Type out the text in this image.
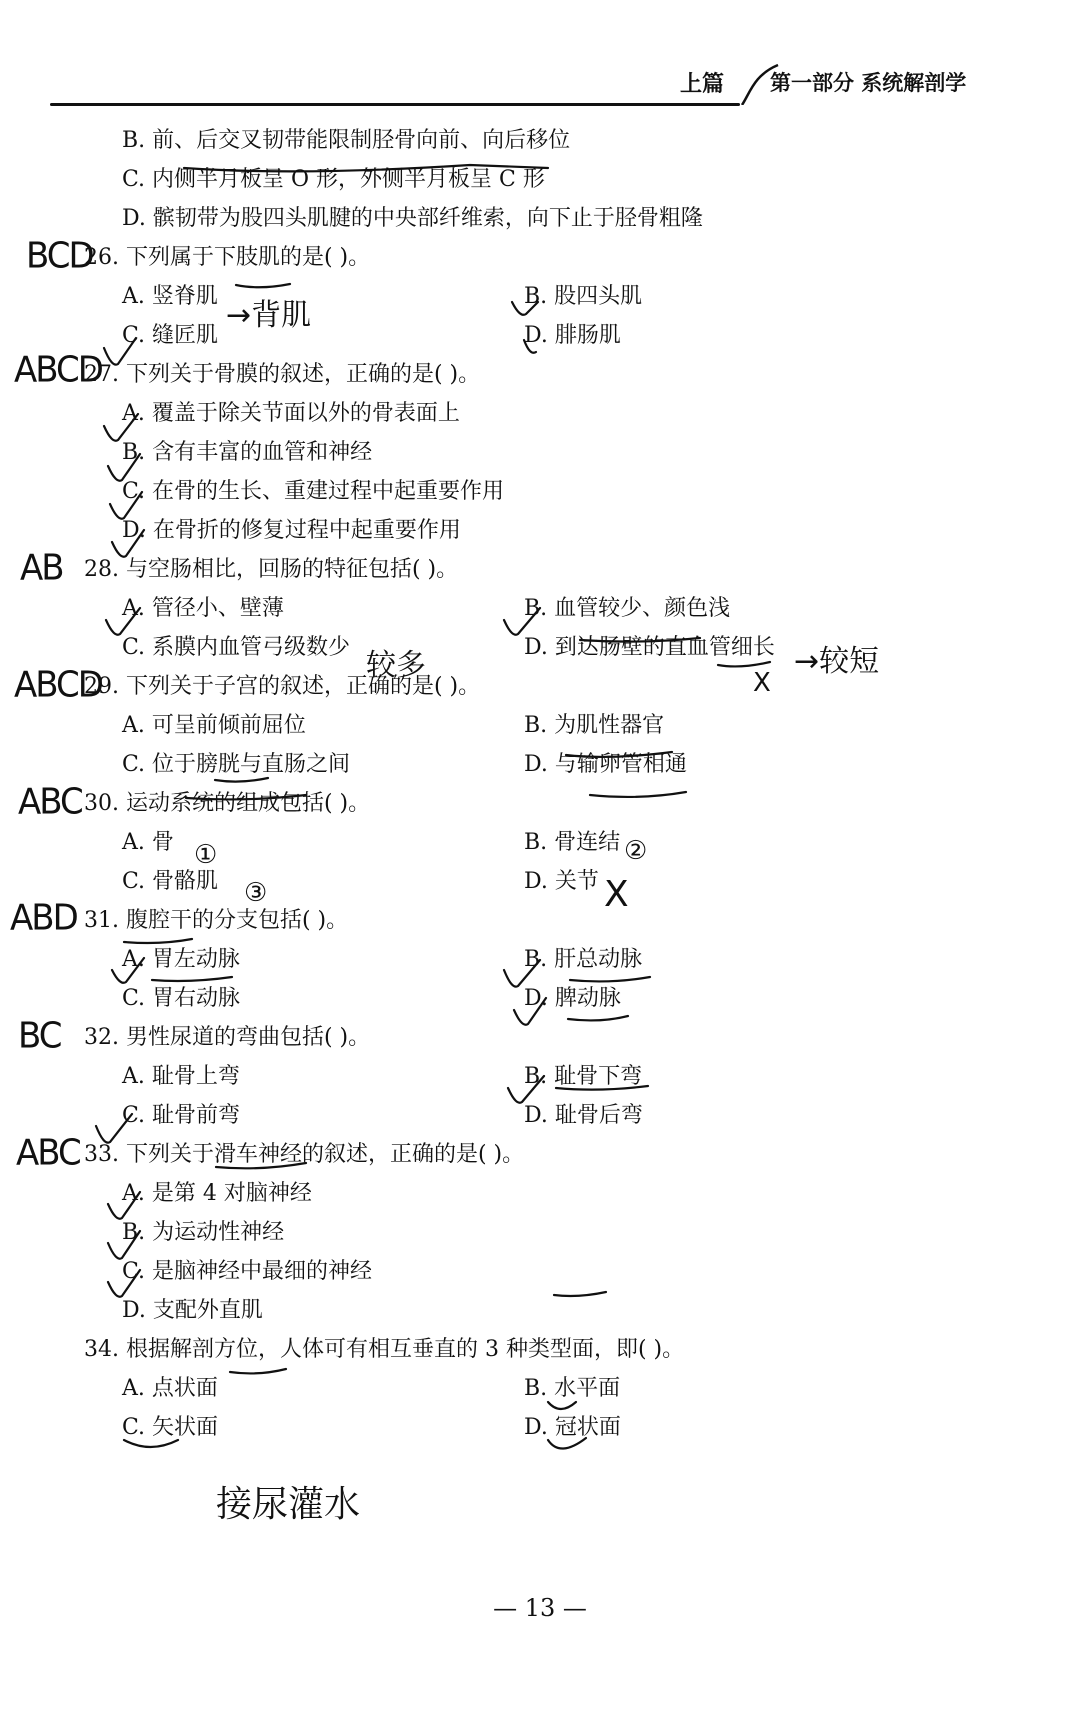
上篇 第一部分 系统解剖学
B. 前、后交叉韧带能限制胫骨向前、向后移位
C. 内侧半月板呈 O 形，外侧半月板呈 C 形
D. 髌韧带为股四头肌腱的中央部纤维索，向下止于胫骨粗隆
26. 下列属于下肢肌的是( )。
A. 竖脊肌	B. 股四头肌
C. 缝匠肌	D. 腓肠肌
27. 下列关于骨膜的叙述，正确的是( )。
A. 覆盖于除关节面以外的骨表面上
B. 含有丰富的血管和神经
C. 在骨的生长、重建过程中起重要作用
D. 在骨折的修复过程中起重要作用
28. 与空肠相比，回肠的特征包括( )。
A. 管径小、壁薄	B. 血管较少、颜色浅
C. 系膜内血管弓级数少	D. 到达肠壁的直血管细长
29. 下列关于子宫的叙述，正确的是( )。
A. 可呈前倾前屈位	B. 为肌性器官
C. 位于膀胱与直肠之间	D. 与输卵管相通
30. 运动系统的组成包括( )。
A. 骨	B. 骨连结
C. 骨骼肌	D. 关节
31. 腹腔干的分支包括( )。
A. 胃左动脉	B. 肝总动脉
C. 胃右动脉	D. 脾动脉
32. 男性尿道的弯曲包括( )。
A. 耻骨上弯	B. 耻骨下弯
C. 耻骨前弯	D. 耻骨后弯
33. 下列关于滑车神经的叙述，正确的是( )。
A. 是第 4 对脑神经
B. 为运动性神经
C. 是脑神经中最细的神经
D. 支配外直肌
34. 根据解剖方位，人体可有相互垂直的 3 种类型面，即( )。
A. 点状面	B. 水平面
C. 矢状面	D. 冠状面
BCD
ABCD
AB
ABCD
ABC
ABD
BC
ABC
→背肌
较多	→较短
X
①	②
③	X
接尿灌水
— 13 —
